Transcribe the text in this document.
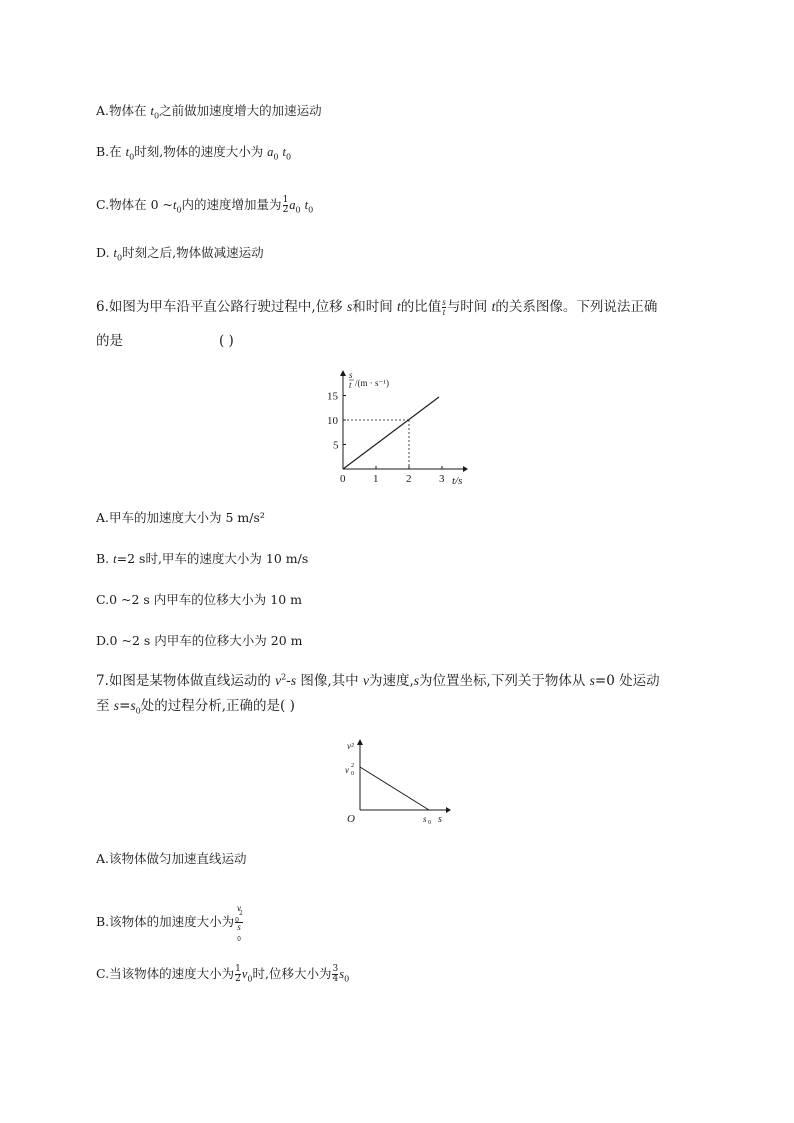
A.物体在 $t_0$之前做加速度增大的加速运动
B.在 $t_0$时刻,物体的速度大小为 $a_0$ $t_0$
C.物体在 0 $\sim t_0$内的速度增加量为 $\frac{1}{2} a_0$ $t_0$
D. $t_0$时刻之后,物体做减速运动
6.如图为甲车沿平直公路行驶过程中,位移 s和时间 t的比值 $\frac{s}{t}$ 与时间 t的关系图像。下列说法正确
的是	( )
s
t /(m · s⁻¹)
0	1	2	3
5
10
15
t/s
A.甲车的加速度大小为 5 m/s²
B. t=2 s时,甲车的速度大小为 10 m/s
C.0 ~2 s 内甲车的位移大小为 10 m
D.0 ~2 s 内甲车的位移大小为 20 m
7.如图是某物体做直线运动的 $v^2-s$ 图像,其中 v为速度,s为位置坐标,下列关于物体从 s=0 处运动
至 $s=s_0$处的过程分析,正确的是( )
v²
v 0
2
O	s 0 s
A.该物体做匀加速直线运动
B.该物体的加速度大小为 v
$_0^2$
s
$_0$
C.当该物体的速度大小为 $\frac{1}{2} v_0$时,位移大小为 $\frac{3}{4} s_0$
